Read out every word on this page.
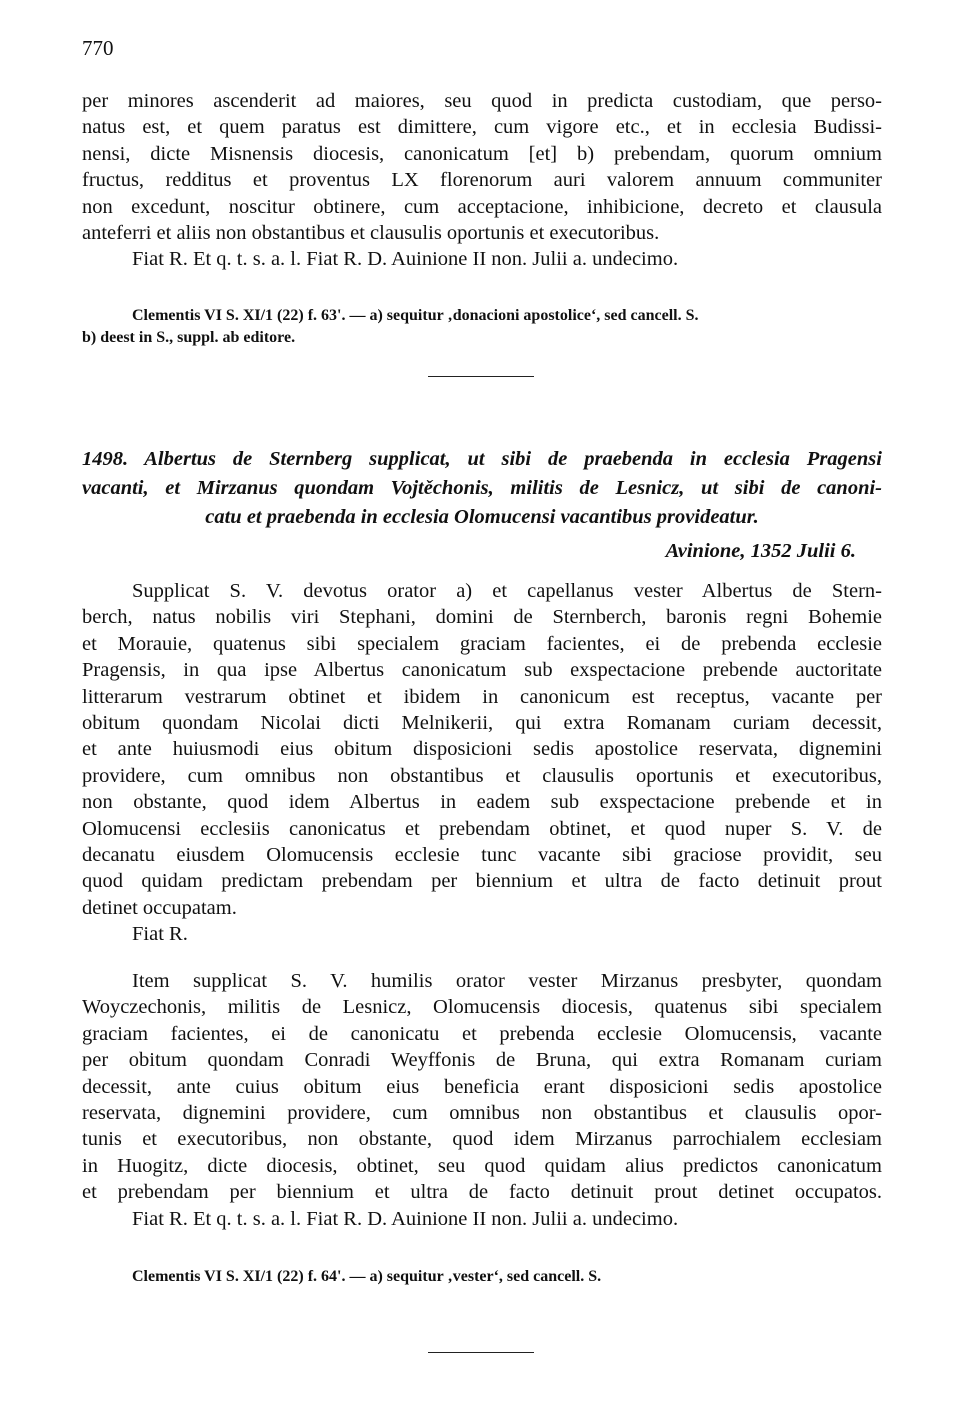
770
per minores ascenderit ad maiores, seu quod in predicta custodiam, que perso-
natus est, et quem paratus est dimittere, cum vigore etc., et in ecclesia Budissi-
nensi, dicte Misnensis diocesis, canonicatum [et] b) prebendam, quorum omnium
fructus, redditus et proventus LX florenorum auri valorem annuum communiter
non excedunt, noscitur obtinere, cum acceptacione, inhibicione, decreto et clausula
anteferri et aliis non obstantibus et clausulis oportunis et executoribus.
Fiat R. Et q. t. s. a. l. Fiat R. D. Auinione II non. Julii a. undecimo.
Clementis VI S. XI/1 (22) f. 63'. — a) sequitur ‚donacioni apostolice‘, sed cancell. S.
b) deest in S., suppl. ab editore.
1498. Albertus de Sternberg supplicat, ut sibi de praebenda in ecclesia Pragensi
vacanti, et Mirzanus quondam Vojtěchonis, militis de Lesnicz, ut sibi de canoni-
catu et praebenda in ecclesia Olomucensi vacantibus provideatur.
Avinione, 1352 Julii 6.
Supplicat S. V. devotus orator a) et capellanus vester Albertus de Stern-
berch, natus nobilis viri Stephani, domini de Sternberch, baronis regni Bohemie
et Morauie, quatenus sibi specialem graciam facientes, ei de prebenda ecclesie
Pragensis, in qua ipse Albertus canonicatum sub exspectacione prebende auctoritate
litterarum vestrarum obtinet et ibidem in canonicum est receptus, vacante per
obitum quondam Nicolai dicti Melnikerii, qui extra Romanam curiam decessit,
et ante huiusmodi eius obitum disposicioni sedis apostolice reservata, dignemini
providere, cum omnibus non obstantibus et clausulis oportunis et executoribus,
non obstante, quod idem Albertus in eadem sub exspectacione prebende et in
Olomucensi ecclesiis canonicatus et prebendam obtinet, et quod nuper S. V. de
decanatu eiusdem Olomucensis ecclesie tunc vacante sibi graciose providit, seu
quod quidam predictam prebendam per biennium et ultra de facto detinuit prout
detinet occupatam.
Fiat R.
Item supplicat S. V. humilis orator vester Mirzanus presbyter, quondam
Woyczechonis, militis de Lesnicz, Olomucensis diocesis, quatenus sibi specialem
graciam facientes, ei de canonicatu et prebenda ecclesie Olomucensis, vacante
per obitum quondam Conradi Weyffonis de Bruna, qui extra Romanam curiam
decessit, ante cuius obitum eius beneficia erant disposicioni sedis apostolice
reservata, dignemini providere, cum omnibus non obstantibus et clausulis opor-
tunis et executoribus, non obstante, quod idem Mirzanus parrochialem ecclesiam
in Huogitz, dicte diocesis, obtinet, seu quod quidam alius predictos canonicatum
et prebendam per biennium et ultra de facto detinuit prout detinet occupatos.
Fiat R. Et q. t. s. a. l. Fiat R. D. Auinione II non. Julii a. undecimo.
Clementis VI S. XI/1 (22) f. 64'. — a) sequitur ‚vester‘, sed cancell. S.
